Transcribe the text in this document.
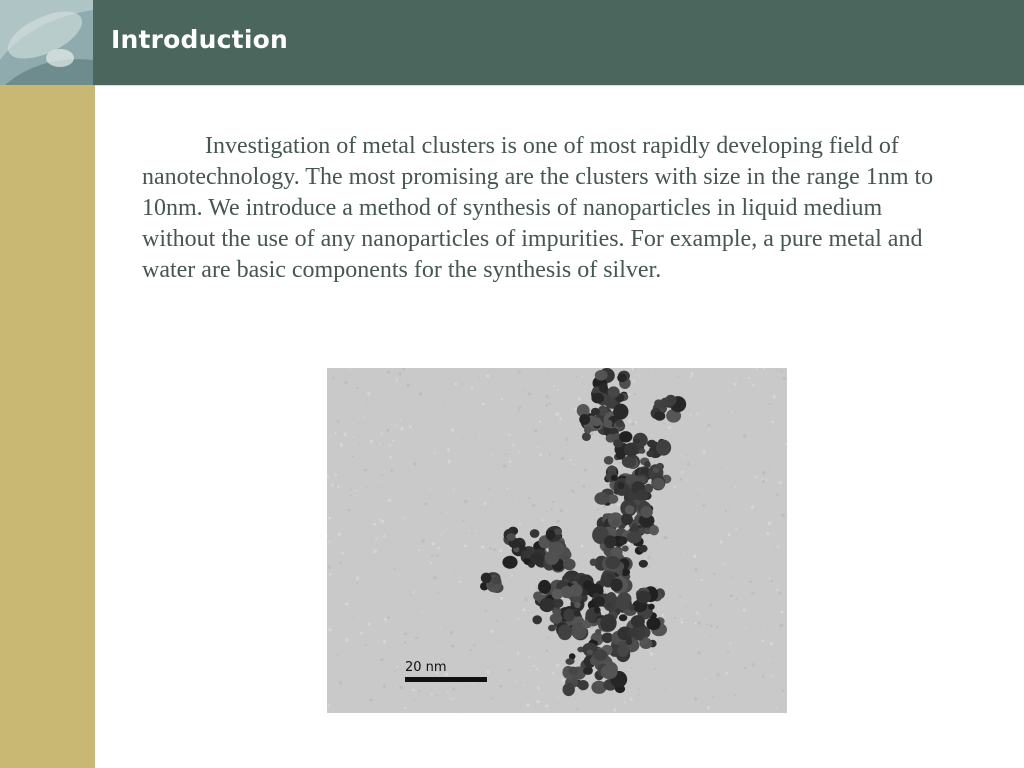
Introduction
Investigation of metal clusters is one of most rapidly developing field of nanotechnology. The most promising are the clusters with size in the range 1nm to 10nm. We introduce a method of synthesis of nanoparticles in liquid medium without the use of any nanoparticles of impurities. For example, a pure metal and water are basic components for the synthesis of silver.
20 nm
